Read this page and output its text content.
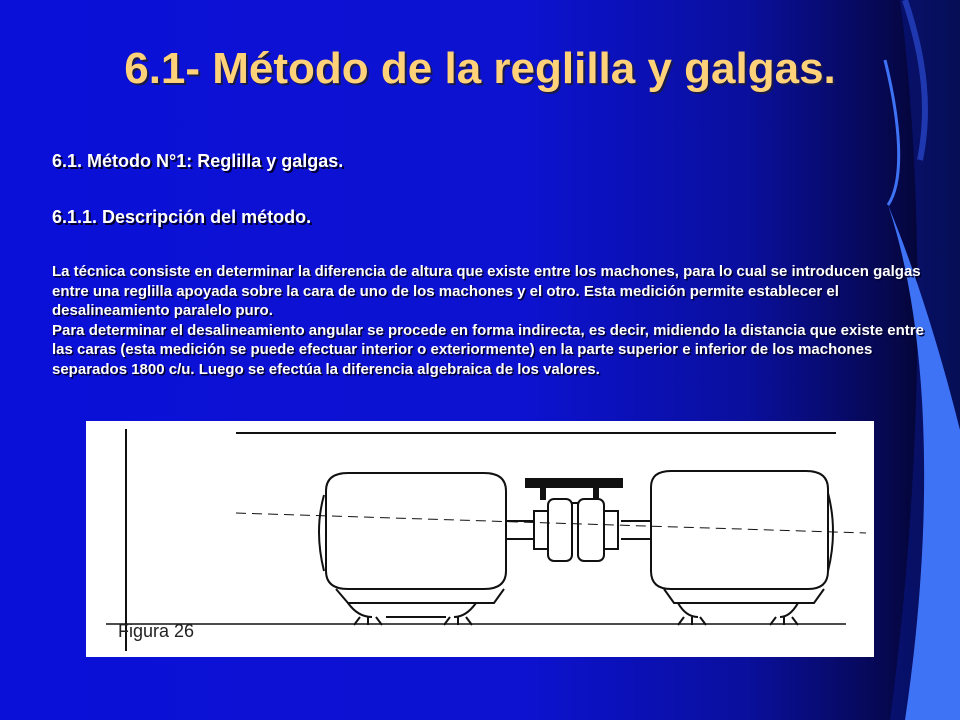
6.1- Método de la reglilla y galgas.
6.1. Método N°1: Reglilla y galgas.
6.1.1. Descripción del método.

La técnica consiste en determinar la diferencia de altura que existe entre los machones, para lo cual se introducen galgas entre una reglilla apoyada sobre la cara de uno de los machones y el otro. Esta medición permite establecer el desalineamiento paralelo puro.

Para determinar el desalineamiento angular se procede en forma indirecta, es decir, midiendo la distancia que existe entre las caras (esta medición se puede efectuar interior o exteriormente) en la parte superior e inferior de los machones separados 1800 c/u. Luego se efectúa la diferencia algebraica de los valores.

Figura 26
